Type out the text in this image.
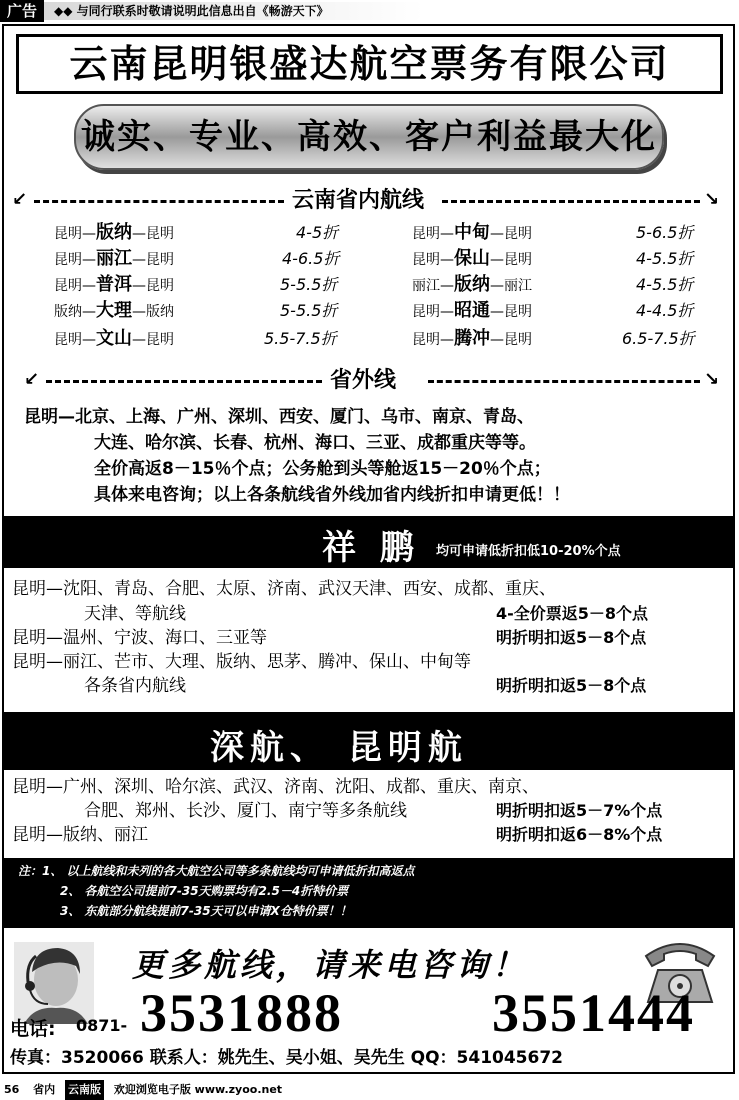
广告	◆◆ 与同行联系时敬请说明此信息出自《畅游天下》
云南昆明银盛达航空票务有限公司
诚实、专业、高效、客户利益最大化
↙	云南省内航线	↘
昆明—版纳—昆明	4-5折	昆明—中甸—昆明	5-6.5折
昆明—丽江—昆明	4-6.5折	昆明—保山—昆明	4-5.5折
昆明—普洱—昆明	5-5.5折	丽江—版纳—丽江	4-5.5折
版纳—大理—版纳	5-5.5折	昆明—昭通—昆明	4-4.5折
昆明—文山—昆明	5.5-7.5折	昆明—腾冲—昆明	6.5-7.5折
↙	省外线	↘
昆明—北京、上海、广州、深圳、西安、厦门、乌市、南京、青岛、
大连、哈尔滨、长春、杭州、海口、三亚、成都重庆等等。
全价高返8－15％个点；公务舱到头等舱返15－20％个点；
具体来电咨询；以上各条航线省外线加省内线折扣申请更低！！
祥 鹏 均可申请低折扣低10-20%个点
昆明—沈阳、青岛、合肥、太原、济南、武汉天津、西安、成都、重庆、
天津、等航线	4-全价票返5－8个点
昆明—温州、宁波、海口、三亚等	明折明扣返5－8个点
昆明—丽江、芒市、大理、版纳、思茅、腾冲、保山、中甸等
各条省内航线	明折明扣返5－8个点
深航、 昆明航
昆明—广州、深圳、哈尔滨、武汉、济南、沈阳、成都、重庆、南京、
合肥、郑州、长沙、厦门、南宁等多条航线	明折明扣返5－7%个点
昆明—版纳、丽江	明折明扣返6－8%个点
注：1、 以上航线和未列的各大航空公司等多条航线均可申请低折扣高返点
2、 各航空公司提前7-35天购票均有2.5－4折特价票
3、 东航部分航线提前7-35天可以申请X仓特价票！！
更多航线，请来电咨询！
电话: 0871- 3531888	3551444
传真：3520066 联系人：姚先生、吴小姐、吴先生 QQ：541045672
56 省内 云南版 欢迎浏览电子版 www.zyoo.net
